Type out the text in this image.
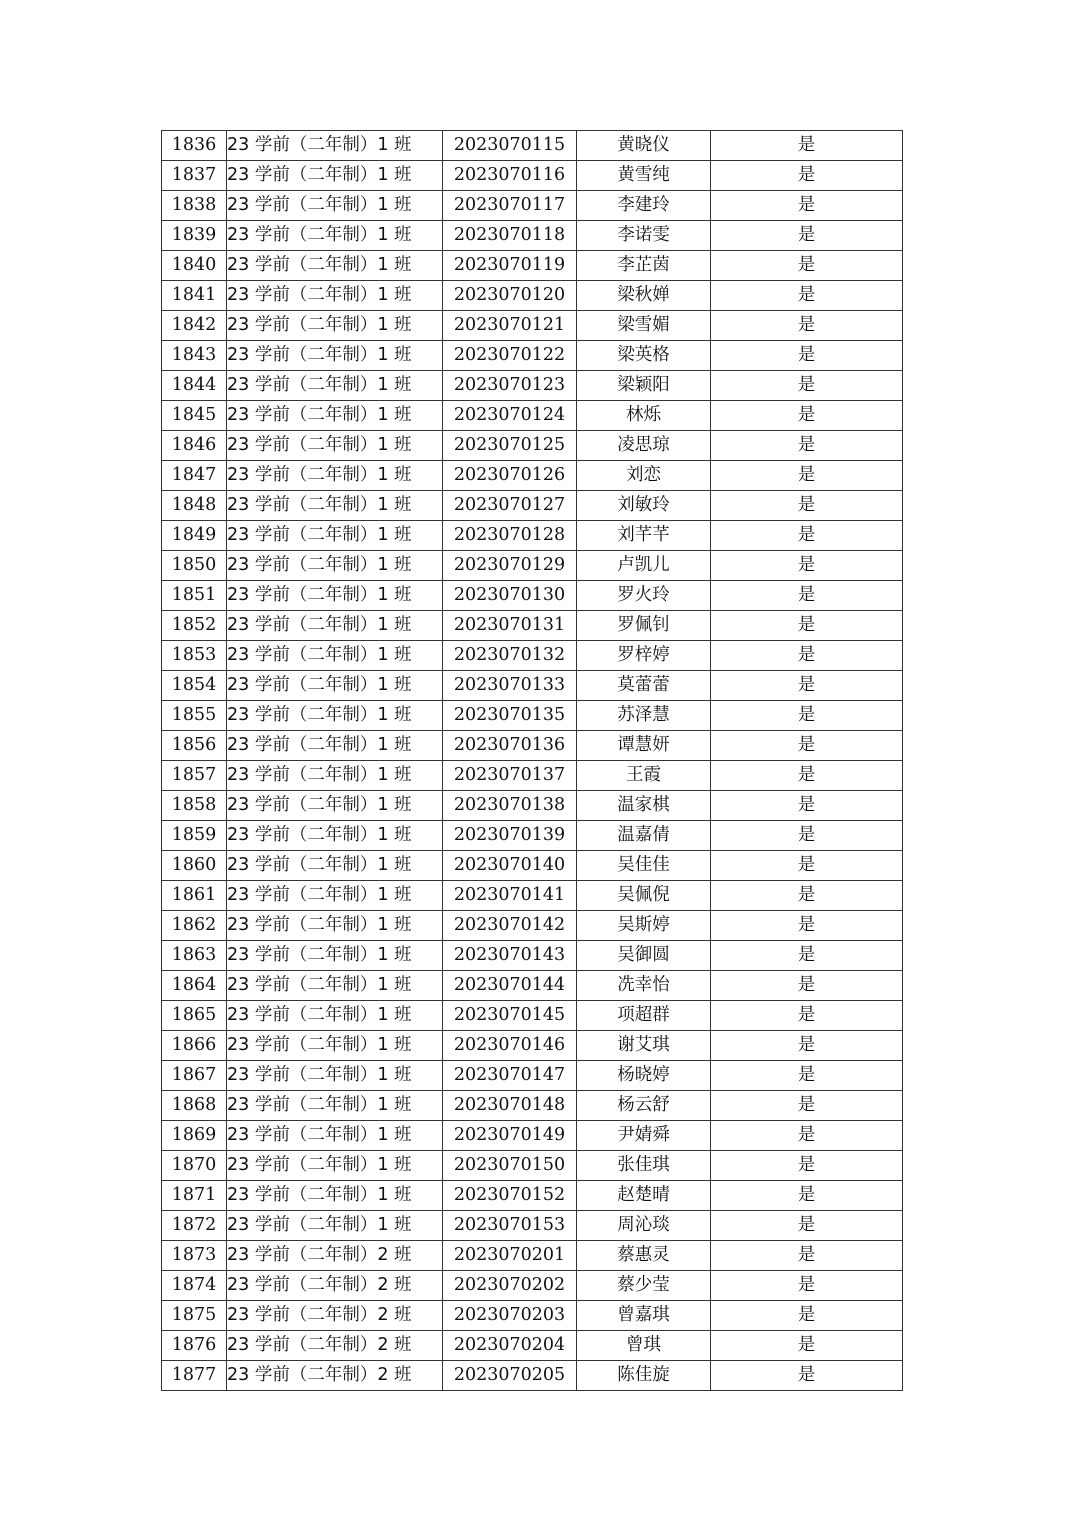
1836	23 学前（二年制）1 班	2023070115	黄晓仪	是
1837	23 学前（二年制）1 班	2023070116	黄雪纯	是
1838	23 学前（二年制）1 班	2023070117	李建玲	是
1839	23 学前（二年制）1 班	2023070118	李诺雯	是
1840	23 学前（二年制）1 班	2023070119	李芷茵	是
1841	23 学前（二年制）1 班	2023070120	梁秋婵	是
1842	23 学前（二年制）1 班	2023070121	梁雪媚	是
1843	23 学前（二年制）1 班	2023070122	梁英格	是
1844	23 学前（二年制）1 班	2023070123	梁颖阳	是
1845	23 学前（二年制）1 班	2023070124	林烁	是
1846	23 学前（二年制）1 班	2023070125	凌思琼	是
1847	23 学前（二年制）1 班	2023070126	刘恋	是
1848	23 学前（二年制）1 班	2023070127	刘敏玲	是
1849	23 学前（二年制）1 班	2023070128	刘芊芊	是
1850	23 学前（二年制）1 班	2023070129	卢凯儿	是
1851	23 学前（二年制）1 班	2023070130	罗火玲	是
1852	23 学前（二年制）1 班	2023070131	罗佩钊	是
1853	23 学前（二年制）1 班	2023070132	罗梓婷	是
1854	23 学前（二年制）1 班	2023070133	莫蕾蕾	是
1855	23 学前（二年制）1 班	2023070135	苏泽慧	是
1856	23 学前（二年制）1 班	2023070136	谭慧妍	是
1857	23 学前（二年制）1 班	2023070137	王霞	是
1858	23 学前（二年制）1 班	2023070138	温家棋	是
1859	23 学前（二年制）1 班	2023070139	温嘉倩	是
1860	23 学前（二年制）1 班	2023070140	吴佳佳	是
1861	23 学前（二年制）1 班	2023070141	吴佩倪	是
1862	23 学前（二年制）1 班	2023070142	吴斯婷	是
1863	23 学前（二年制）1 班	2023070143	吴御圆	是
1864	23 学前（二年制）1 班	2023070144	冼幸怡	是
1865	23 学前（二年制）1 班	2023070145	项超群	是
1866	23 学前（二年制）1 班	2023070146	谢艾琪	是
1867	23 学前（二年制）1 班	2023070147	杨晓婷	是
1868	23 学前（二年制）1 班	2023070148	杨云舒	是
1869	23 学前（二年制）1 班	2023070149	尹婧舜	是
1870	23 学前（二年制）1 班	2023070150	张佳琪	是
1871	23 学前（二年制）1 班	2023070152	赵楚晴	是
1872	23 学前（二年制）1 班	2023070153	周沁琰	是
1873	23 学前（二年制）2 班	2023070201	蔡惠灵	是
1874	23 学前（二年制）2 班	2023070202	蔡少莹	是
1875	23 学前（二年制）2 班	2023070203	曾嘉琪	是
1876	23 学前（二年制）2 班	2023070204	曾琪	是
1877	23 学前（二年制）2 班	2023070205	陈佳旋	是
